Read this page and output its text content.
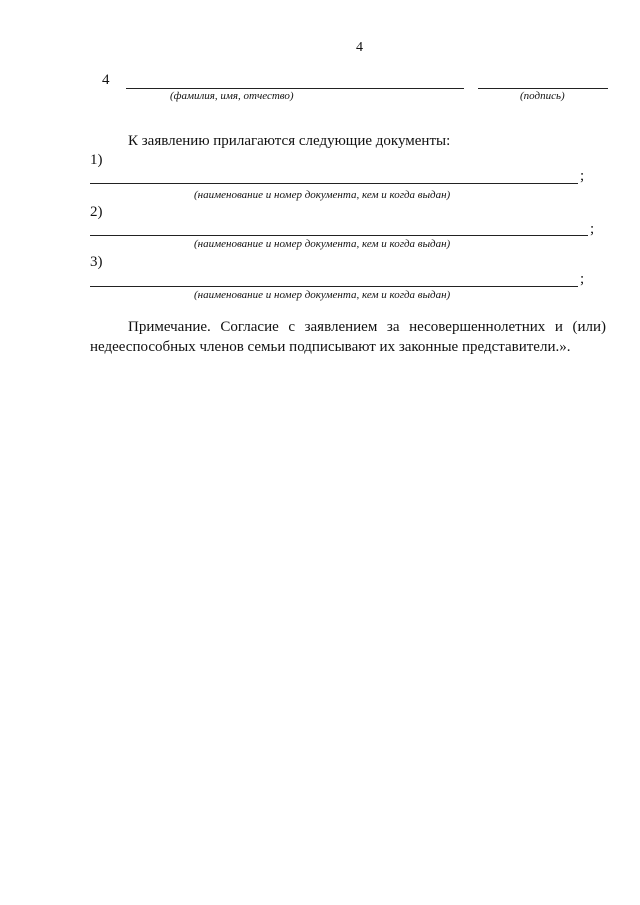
4
4
(фамилия, имя, отчество)	(подпись)
К заявлению прилагаются следующие документы:
1)
;
(наименование и номер документа, кем и когда выдан)
2)
;
(наименование и номер документа, кем и когда выдан)
3)
;
(наименование и номер документа, кем и когда выдан)
Примечание. Согласие с заявлением за несовершеннолетних и (или) недееспособных членов семьи подписывают их законные представители.».
